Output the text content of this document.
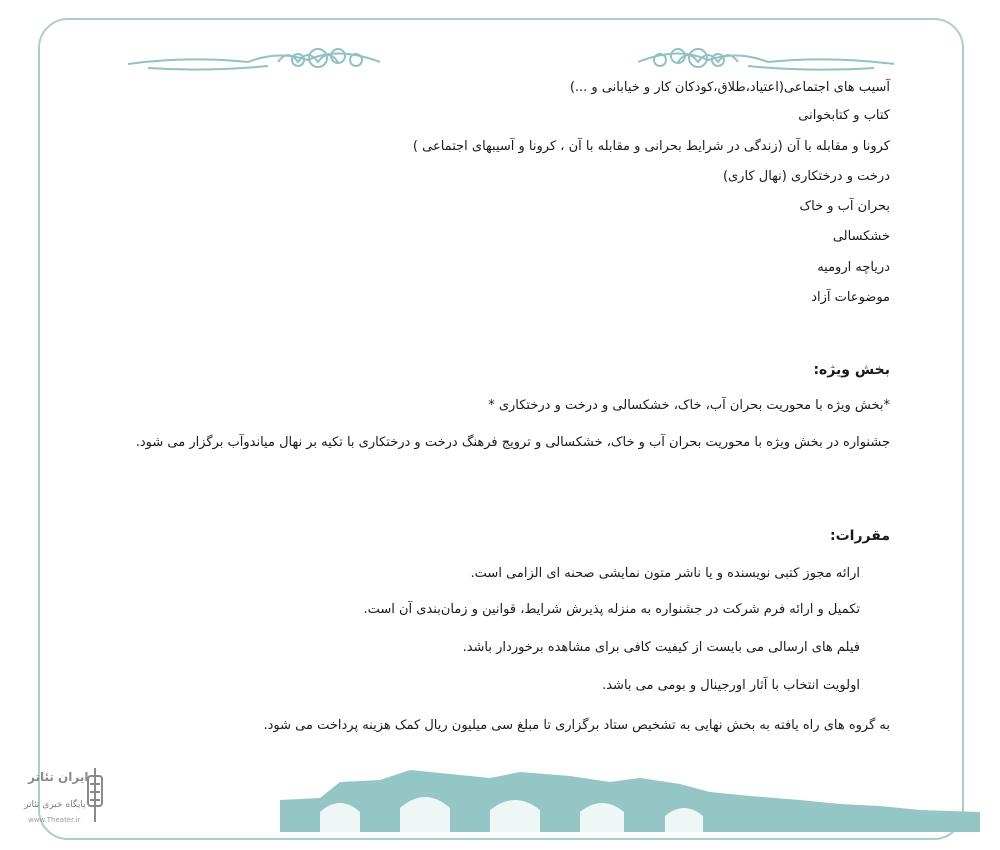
آسیب های اجتماعی(اعتیاد،طلاق،کودکان کار و خیابانی و ...)
کتاب و کتابخوانی
کرونا و مقابله با آن (زندگی در شرایط بحرانی و مقابله با آن ، کرونا و آسیبهای اجتماعی )
درخت و درختکاری (نهال کاری)
بحران آب و خاک
خشکسالی
دریاچه ارومیه
موضوعات آزاد
بخش ویژه:
*بخش ویژه با محوریت بحران آب، خاک، خشکسالی و درخت و درختکاری *
جشنواره در بخش ویژه با محوریت بحران آب و خاک، خشکسالی و ترویج فرهنگ درخت و درختکاری با تکیه بر نهال میاندوآب برگزار می شود.
مقررات:
ارائه مجوز کتبی نویسنده و یا ناشر متون نمایشی صحنه ای الزامی است.
تکمیل و ارائه فرم شرکت در جشنواره به منزله پذیرش شرایط، قوانین و زمان‌بندی آن است.
فیلم های ارسالی می بایست از کیفیت کافی برای مشاهده برخوردار باشد.
اولویت انتخاب با آثار اورجینال و بومی می باشد.
به گروه های راه یافته به بخش نهایی به تشخیص ستاد برگزاری تا مبلغ سی میلیون ریال کمک هزینه پرداخت می شود.
ایران تئاتر
پایگاه خبری تئاتر
www.Theater.ir
